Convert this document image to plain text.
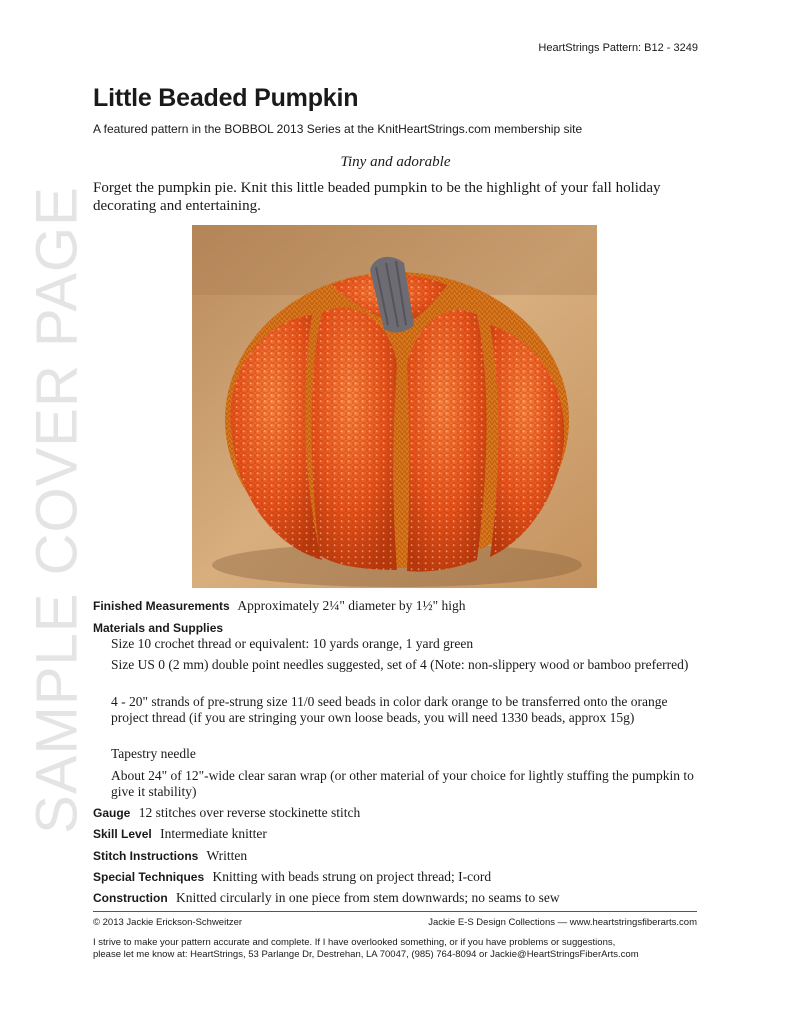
SAMPLE COVER PAGE
HeartStrings Pattern: B12 - 3249
Little Beaded Pumpkin
A featured pattern in the BOBBOL 2013 Series at the KnitHeartStrings.com membership site
Tiny and adorable
Forget the pumpkin pie. Knit this little beaded pumpkin to be the highlight of your fall holiday decorating and entertaining.
Finished Measurements Approximately 2¼" diameter by 1½" high
Materials and Supplies
Size 10 crochet thread or equivalent: 10 yards orange, 1 yard green
Size US 0 (2 mm) double point needles suggested, set of 4 (Note: non-slippery wood or bamboo preferred)
4 - 20" strands of pre-strung size 11/0 seed beads in color dark orange to be transferred onto the orange project thread (if you are stringing your own loose beads, you will need 1330 beads, approx 15g)
Tapestry needle
About 24" of 12"-wide clear saran wrap (or other material of your choice for lightly stuffing the pumpkin to give it stability)
Gauge 12 stitches over reverse stockinette stitch
Skill Level Intermediate knitter
Stitch Instructions Written
Special Techniques Knitting with beads strung on project thread; I-cord
Construction Knitted circularly in one piece from stem downwards; no seams to sew
© 2013 Jackie Erickson-Schweitzer	Jackie E-S Design Collections — www.heartstringsfiberarts.com
I strive to make your pattern accurate and complete. If I have overlooked something, or if you have problems or suggestions,
please let me know at: HeartStrings, 53 Parlange Dr, Destrehan, LA 70047, (985) 764-8094 or Jackie@HeartStringsFiberArts.com
